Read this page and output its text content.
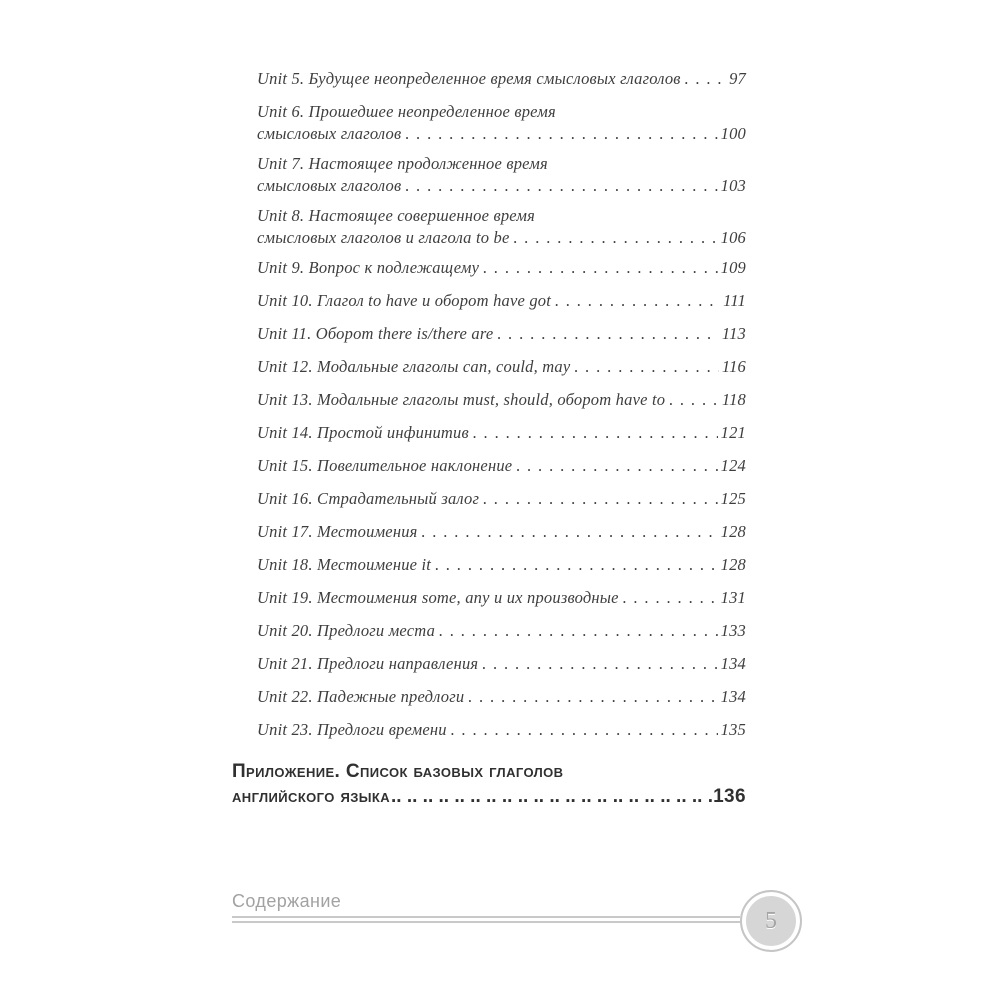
Unit 5. Будущее неопределенное время смысловых глаголов . . .	97
Unit 6. Прошедшее неопределенное время
смысловых глаголов . . .	100
Unit 7. Настоящее продолженное время
смысловых глаголов . . .	103
Unit 8. Настоящее совершенное время
смысловых глаголов и глагола to be . . .	106
Unit 9. Вопрос к подлежащему . . .	109
Unit 10. Глагол to have и оборот have got . . .	111
Unit 11. Оборот there is/there are . . .	113
Unit 12. Модальные глаголы can, could, may . . .	116
Unit 13. Модальные глаголы must, should, оборот have to . . .	118
Unit 14. Простой инфинитив . . .	121
Unit 15. Повелительное наклонение . . .	124
Unit 16. Страдательный залог . . .	125
Unit 17. Местоимения . . .	128
Unit 18. Местоимение it . . .	128
Unit 19. Местоимения some, any и их производные . . .	131
Unit 20. Предлоги места . . .	133
Unit 21. Предлоги направления . . .	134
Unit 22. Падежные предлоги . . .	134
Unit 23. Предлоги времени . . .	135
Приложение. Список базовых глаголов
английского языка .. ..	136
Содержание
5
